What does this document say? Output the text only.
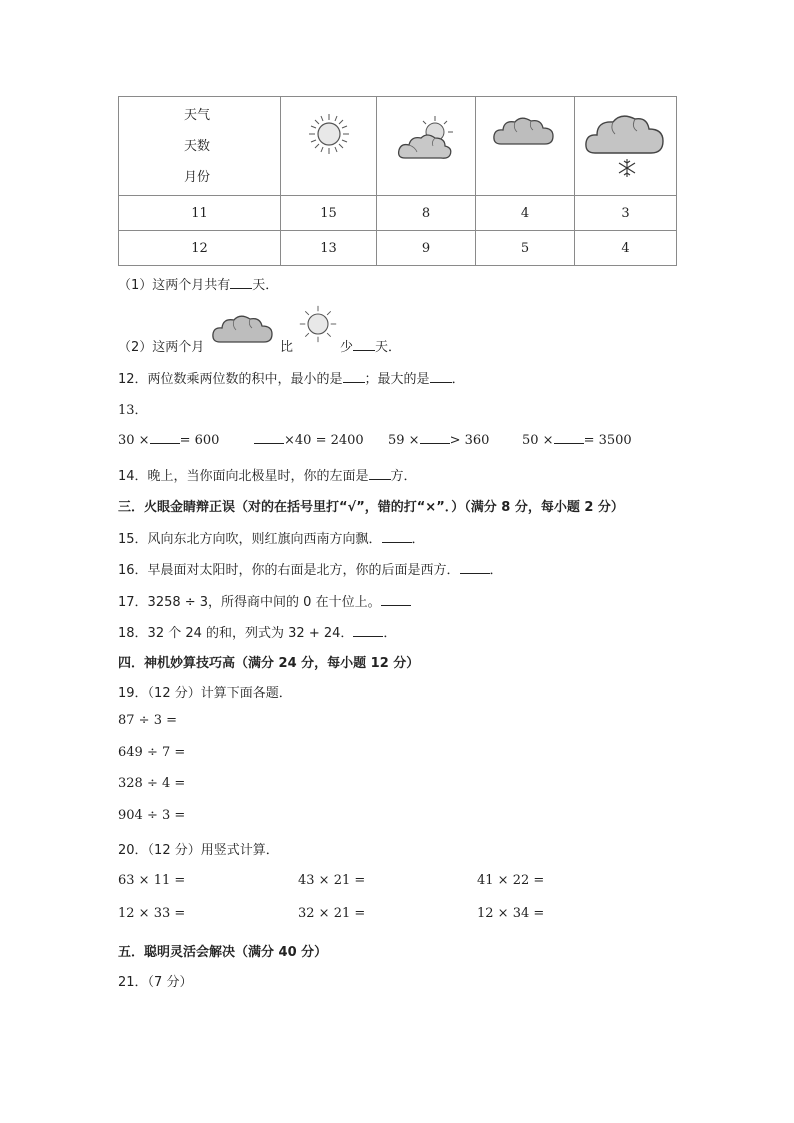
天气
天数
月份

11	15	8	4	3
12	13	9	5	4
（1）这两个月共有 天．
（2）这两个月	比	少 天．
12．两位数乘两位数的积中，最小的是 ；最大的是 ．
13．
30 × = 600	×40 = 2400 59 × > 360	50 × = 3500
14．晚上，当你面向北极星时，你的左面是 方．
三．火眼金睛辩正误（对的在括号里打“√”，错的打“×”．）（满分 8 分，每小题 2 分）
15．风向东北方向吹，则红旗向西南方向飘． ．
16．早晨面对太阳时，你的右面是北方，你的后面是西方． ．
17．3258 ÷ 3，所得商中间的 0 在十位上。
18．32 个 24 的和，列式为 32 + 24． ．
四．神机妙算技巧高（满分 24 分，每小题 12 分）
19．（12 分）计算下面各题．
87 ÷ 3 =
649 ÷ 7 =
328 ÷ 4 =
904 ÷ 3 =
20．（12 分）用竖式计算．
63 × 11 =	43 × 21 =	41 × 22 =
12 × 33 =	32 × 21 =	12 × 34 =
五．聪明灵活会解决（满分 40 分）
21．（7 分）
